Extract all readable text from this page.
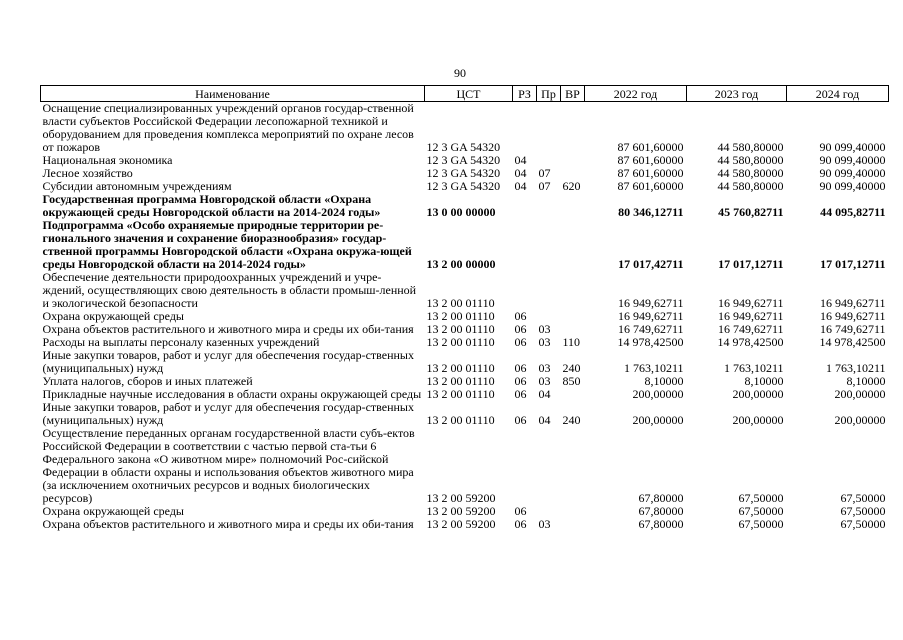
90
Наименование	ЦСТ	РЗ	Пр	ВР	2022 год	2023 год	2024 год
Оснащение специализированных учреждений органов государ-ственной власти субъектов Российской Федерации лесопожарной техникой и оборудованием для проведения комплекса мероприятий по охране лесов от пожаров	12 3 GA 54320				87 601,60000	44 580,80000	90 099,40000
Национальная экономика	12 3 GA 54320	04			87 601,60000	44 580,80000	90 099,40000
Лесное хозяйство	12 3 GA 54320	04	07		87 601,60000	44 580,80000	90 099,40000
Субсидии автономным учреждениям	12 3 GA 54320	04	07	620	87 601,60000	44 580,80000	90 099,40000
Государственная программа Новгородской области «Охрана окружающей среды Новгородской области на 2014-2024 годы»	13 0 00 00000				80 346,12711	45 760,82711	44 095,82711
Подпрограмма «Особо охраняемые природные территории ре-гионального значения и сохранение биоразнообразия» государ-ственной программы Новгородской области «Охрана окружа-ющей среды Новгородской области на 2014-2024 годы»	13 2 00 00000				17 017,42711	17 017,12711	17 017,12711
Обеспечение деятельности природоохранных учреждений и учре-ждений, осуществляющих свою деятельность в области промыш-ленной и экологической безопасности	13 2 00 01110				16 949,62711	16 949,62711	16 949,62711
Охрана окружающей среды	13 2 00 01110	06			16 949,62711	16 949,62711	16 949,62711
Охрана объектов растительного и животного мира и среды их оби-тания	13 2 00 01110	06	03		16 749,62711	16 749,62711	16 749,62711
Расходы на выплаты персоналу казенных учреждений	13 2 00 01110	06	03	110	14 978,42500	14 978,42500	14 978,42500
Иные закупки товаров, работ и услуг для обеспечения государ-ственных (муниципальных) нужд	13 2 00 01110	06	03	240	1 763,10211	1 763,10211	1 763,10211
Уплата налогов, сборов и иных платежей	13 2 00 01110	06	03	850	8,10000	8,10000	8,10000
Прикладные научные исследования в области охраны окружающей среды	13 2 00 01110	06	04		200,00000	200,00000	200,00000
Иные закупки товаров, работ и услуг для обеспечения государ-ственных (муниципальных) нужд	13 2 00 01110	06	04	240	200,00000	200,00000	200,00000
Осуществление переданных органам государственной власти субъ-ектов Российской Федерации в соответствии с частью первой ста-тьи 6 Федерального закона «О животном мире» полномочий Рос-сийской Федерации в области охраны и использования объектов животного мира (за исключением охотничьих ресурсов и водных биологических ресурсов)	13 2 00 59200				67,80000	67,50000	67,50000
Охрана окружающей среды	13 2 00 59200	06			67,80000	67,50000	67,50000
Охрана объектов растительного и животного мира и среды их оби-тания	13 2 00 59200	06	03		67,80000	67,50000	67,50000
